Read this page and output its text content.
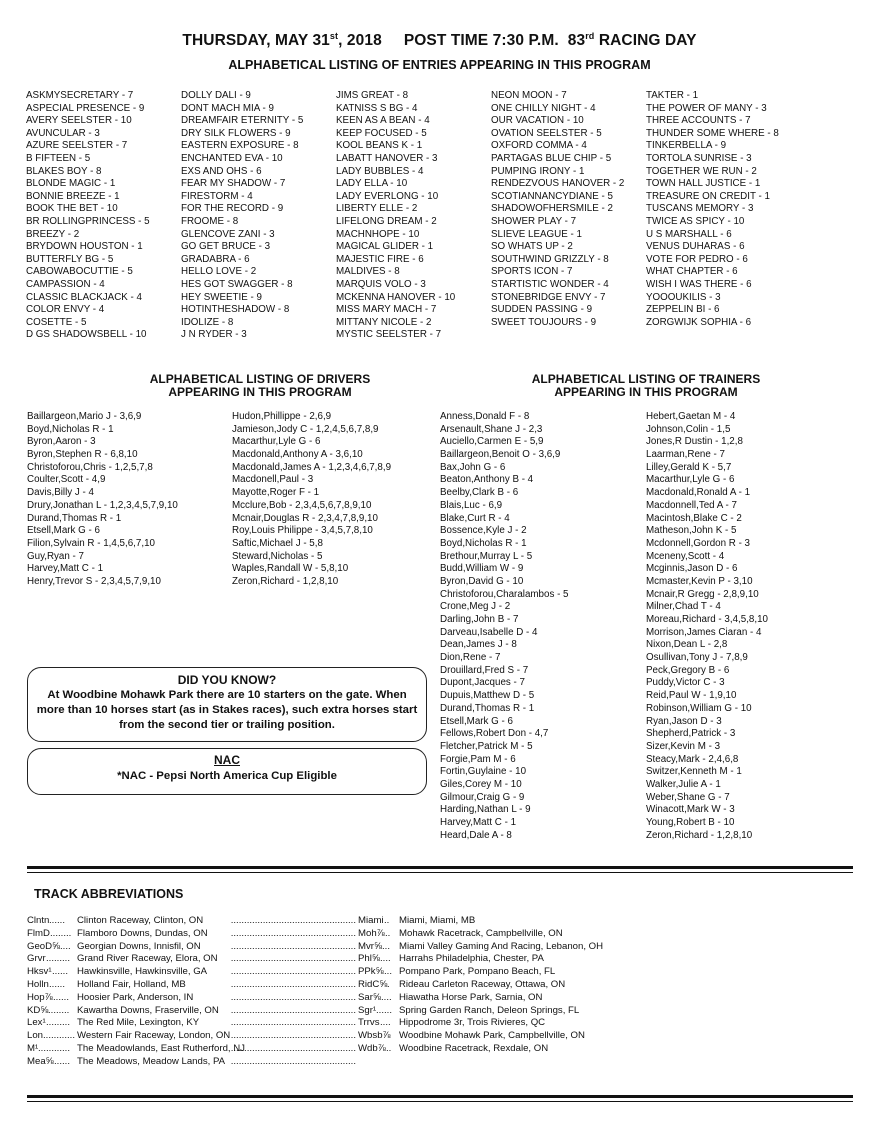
THURSDAY, MAY 31st, 2018 POST TIME 7:30 P.M. 83rd RACING DAY
ALPHABETICAL LISTING OF ENTRIES APPEARING IN THIS PROGRAM
ASKMYSECRETARY - 7
ASPECIAL PRESENCE - 9
AVERY SEELSTER - 10
AVUNCULAR - 3
AZURE SEELSTER - 7
B FIFTEEN - 5
BLAKES BOY - 8
BLONDE MAGIC - 1
BONNIE BREEZE - 1
BOOK THE BET - 10
BR ROLLINGPRINCESS - 5
BREEZY - 2
BRYDOWN HOUSTON - 1
BUTTERFLY BG - 5
CABOWABOCUTTIE - 5
CAMPASSION - 4
CLASSIC BLACKJACK - 4
COLOR ENVY - 4
COSETTE - 5
D GS SHADOWSBELL - 10
DOLLY DALI - 9
DONT MACH MIA - 9
DREAMFAIR ETERNITY - 5
DRY SILK FLOWERS - 9
EASTERN EXPOSURE - 8
ENCHANTED EVA - 10
EXS AND OHS - 6
FEAR MY SHADOW - 7
FIRESTORM - 4
FOR THE RECORD - 9
FROOME - 8
GLENCOVE ZANI - 3
GO GET BRUCE - 3
GRADABRA - 6
HELLO LOVE - 2
HES GOT SWAGGER - 8
HEY SWEETIE - 9
HOTINTHESHADOW - 8
IDOLIZE - 8
J N RYDER - 3
JIMS GREAT - 8
KATNISS S BG - 4
KEEN AS A BEAN - 4
KEEP FOCUSED - 5
KOOL BEANS K - 1
LABATT HANOVER - 3
LADY BUBBLES - 4
LADY ELLA - 10
LADY EVERLONG - 10
LIBERTY ELLE - 2
LIFELONG DREAM - 2
MACHNHOPE - 10
MAGICAL GLIDER - 1
MAJESTIC FIRE - 6
MALDIVES - 8
MARQUIS VOLO - 3
MCKENNA HANOVER - 10
MISS MARY MACH - 7
MITTANY NICOLE - 2
MYSTIC SEELSTER - 7
NEON MOON - 7
ONE CHILLY NIGHT - 4
OUR VACATION - 10
OVATION SEELSTER - 5
OXFORD COMMA - 4
PARTAGAS BLUE CHIP - 5
PUMPING IRONY - 1
RENDEZVOUS HANOVER - 2
SCOTIANNANCYDIANE - 5
SHADOWOFHERSMILE - 2
SHOWER PLAY - 7
SLIEVE LEAGUE - 1
SO WHATS UP - 2
SOUTHWIND GRIZZLY - 8
SPORTS ICON - 7
STARTISTIC WONDER - 4
STONEBRIDGE ENVY - 7
SUDDEN PASSING - 9
SWEET TOUJOURS - 9
TAKTER - 1
THE POWER OF MANY - 3
THREE ACCOUNTS - 7
THUNDER SOME WHERE - 8
TINKERBELLA - 9
TORTOLA SUNRISE - 3
TOGETHER WE RUN - 2
TOWN HALL JUSTICE - 1
TREASURE ON CREDIT - 1
TUSCANS MEMORY - 3
TWICE AS SPICY - 10
U S MARSHALL - 6
VENUS DUHARAS - 6
VOTE FOR PEDRO - 6
WHAT CHAPTER - 6
WISH I WAS THERE - 6
YOOOUKILIS - 3
ZEPPELIN BI - 6
ZORGWIJK SOPHIA - 6
ALPHABETICAL LISTING OF DRIVERS
APPEARING IN THIS PROGRAM
Baillargeon,Mario J - 3,6,9
Boyd,Nicholas R - 1
Byron,Aaron - 3
Byron,Stephen R - 6,8,10
Christoforou,Chris - 1,2,5,7,8
Coulter,Scott - 4,9
Davis,Billy J - 4
Drury,Jonathan L - 1,2,3,4,5,7,9,10
Durand,Thomas R - 1
Etsell,Mark G - 6
Filion,Sylvain R - 1,4,5,6,7,10
Guy,Ryan - 7
Harvey,Matt C - 1
Henry,Trevor S - 2,3,4,5,7,9,10
Hudon,Phillippe - 2,6,9
Jamieson,Jody C - 1,2,4,5,6,7,8,9
Macarthur,Lyle G - 6
Macdonald,Anthony A - 3,6,10
Macdonald,James A - 1,2,3,4,6,7,8,9
Macdonell,Paul - 3
Mayotte,Roger F - 1
Mcclure,Bob - 2,3,4,5,6,7,8,9,10
Mcnair,Douglas R - 2,3,4,7,8,9,10
Roy,Louis Philippe - 3,4,5,7,8,10
Saftic,Michael J - 5,8
Steward,Nicholas - 5
Waples,Randall W - 5,8,10
Zeron,Richard - 1,2,8,10
ALPHABETICAL LISTING OF TRAINERS
APPEARING IN THIS PROGRAM
Anness,Donald F - 8
Arsenault,Shane J - 2,3
Auciello,Carmen E - 5,9
Baillargeon,Benoit O - 3,6,9
Bax,John G - 6
Beaton,Anthony B - 4
Beelby,Clark B - 6
Blais,Luc - 6,9
Blake,Curt R - 4
Bossence,Kyle J - 2
Boyd,Nicholas R - 1
Brethour,Murray L - 5
Budd,William W - 9
Byron,David G - 10
Christoforou,Charalambos - 5
Crone,Meg J - 2
Darling,John B - 7
Darveau,Isabelle D - 4
Dean,James J - 8
Dion,Rene - 7
Drouillard,Fred S - 7
Dupont,Jacques - 7
Dupuis,Matthew D - 5
Durand,Thomas R - 1
Etsell,Mark G - 6
Fellows,Robert Don - 4,7
Fletcher,Patrick M - 5
Forgie,Pam M - 6
Fortin,Guylaine - 10
Giles,Corey M - 10
Gilmour,Craig G - 9
Harding,Nathan L - 9
Harvey,Matt C - 1
Heard,Dale A - 8
Hebert,Gaetan M - 4
Johnson,Colin - 1,5
Jones,R Dustin - 1,2,8
Laarman,Rene - 7
Lilley,Gerald K - 5,7
Macarthur,Lyle G - 6
Macdonald,Ronald A - 1
Macdonnell,Ted A - 7
Macintosh,Blake C - 2
Matheson,John K - 5
Mcdonnell,Gordon R - 3
Mceneny,Scott - 4
Mcginnis,Jason D - 6
Mcmaster,Kevin P - 3,10
Mcnair,R Gregg - 2,8,9,10
Milner,Chad T - 4
Moreau,Richard - 3,4,5,8,10
Morrison,James Ciaran - 4
Nixon,Dean L - 2,8
Osullivan,Tony J - 7,8,9
Peck,Gregory B - 6
Puddy,Victor C - 3
Reid,Paul W - 1,9,10
Robinson,William G - 10
Ryan,Jason D - 3
Shepherd,Patrick - 3
Sizer,Kevin M - 3
Steacy,Mark - 2,4,6,8
Switzer,Kenneth M - 1
Walker,Julie A - 1
Weber,Shane G - 7
Winacott,Mark W - 3
Young,Robert B - 10
Zeron,Richard - 1,2,8,10
DID YOU KNOW?
At Woodbine Mohawk Park there are 10 starters on the gate. When more than 10 horses start (as in Stakes races), such extra horses start from the second tier or trailing position.
NAC
*NAC - Pepsi North America Cup Eligible
TRACK ABBREVIATIONS
Clntn ...... Clinton Raceway, Clinton, ON	...............................................
FlmD ........ Flamboro Downs, Dundas, ON ...............................................
GeoD⅝ .... Georgian Downs, Innisfil, ON	...............................................
Grvr ......... Grand River Raceway, Elora, ON ...............................................
Hksv¹ ...... Hawkinsville, Hawkinsville, GA ...............................................
Holln ...... Holland Fair, Holland, MB	...............................................
Hop⅞ ...... Hoosier Park, Anderson, IN	...............................................
KD⅝ ........ Kawartha Downs, Fraserville, ON ...............................................
Lex¹ ......... The Red Mile, Lexington, KY	...............................................
Lon ............ Western Fair Raceway, London, ON ...............................................
M¹ ............ The Meadowlands, East Rutherford, NJ
...............................................
Mea⅝ ...... The Meadows, Meadow Lands, PA ...............................................
Miami .. Miami, Miami, MB
Moh⅞ .. Mohawk Racetrack, Campbellville, ON
Mvr⅝ ... Miami Valley Gaming And Racing, Lebanon, OH
Phl⅝ .... Harrahs Philadelphia, Chester, PA
PPk⅝ ... Pompano Park, Pompano Beach, FL
RidC⅝ . Rideau Carleton Raceway, Ottawa, ON
Sar⅝ .... Hiawatha Horse Park, Sarnia, ON
Sgr¹ ...... Spring Garden Ranch, Deleon Springs, FL
Trrvs .... Hippodrome 3r, Trois Rivieres, QC
Wbsb⅞ Woodbine Mohawk Park, Campbellville, ON
Wdb⅞ .. Woodbine Racetrack, Rexdale, ON
